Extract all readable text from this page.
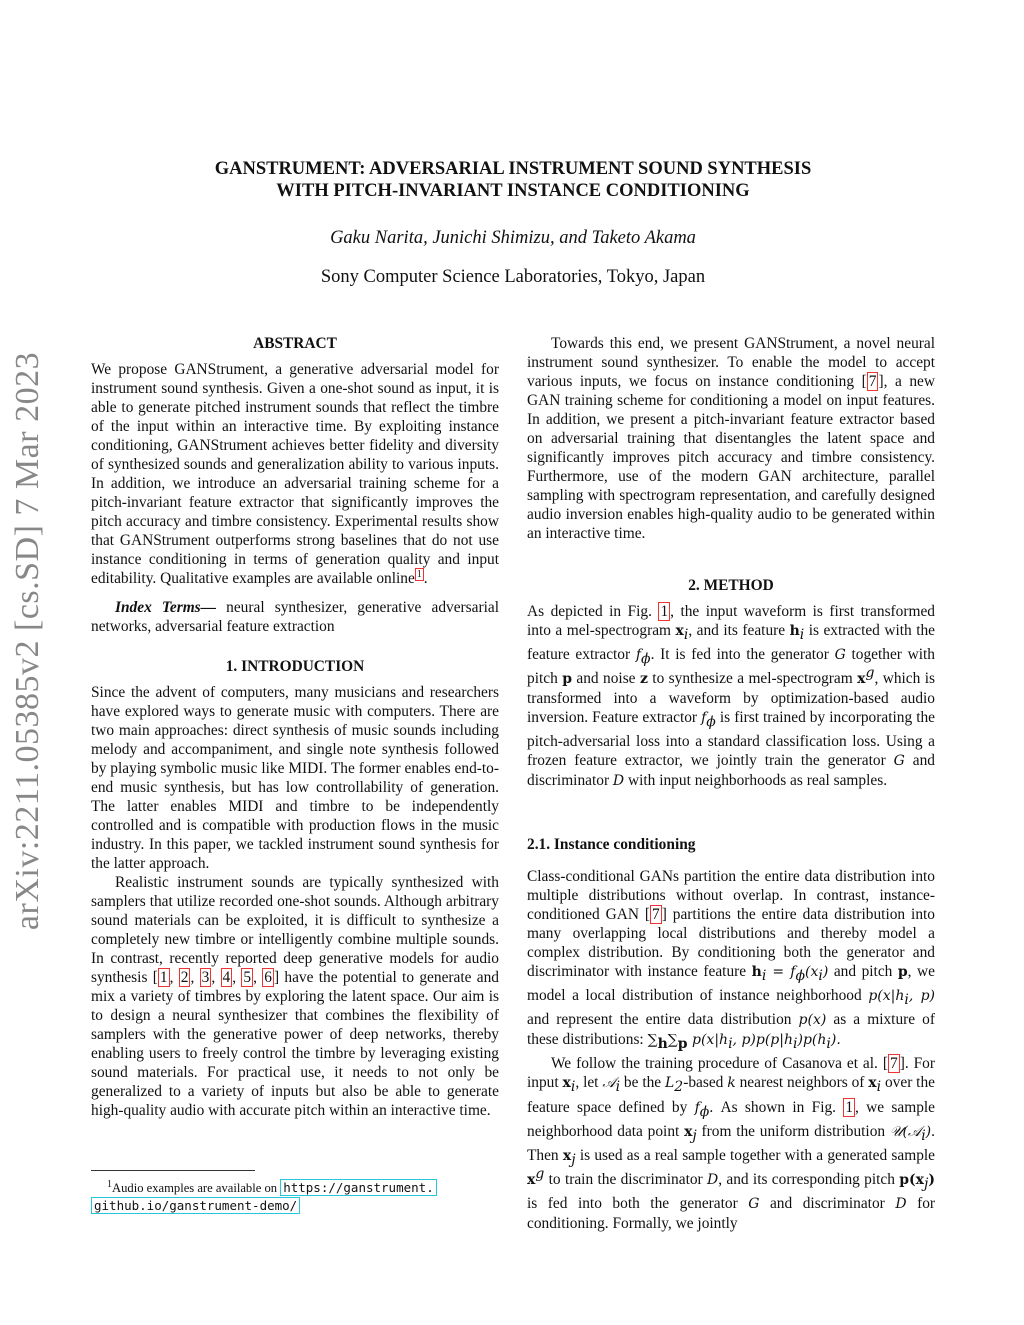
arXiv:2211.05385v2 [cs.SD] 7 Mar 2023
GANSTRUMENT: ADVERSARIAL INSTRUMENT SOUND SYNTHESIS
WITH PITCH-INVARIANT INSTANCE CONDITIONING
Gaku Narita, Junichi Shimizu, and Taketo Akama
Sony Computer Science Laboratories, Tokyo, Japan
ABSTRACT

We propose GANStrument, a generative adversarial model for instrument sound synthesis. Given a one-shot sound as input, it is able to generate pitched instrument sounds that reflect the timbre of the input within an interactive time. By exploiting instance conditioning, GANStrument achieves better fidelity and diversity of synthesized sounds and generalization ability to various inputs. In addition, we introduce an adversarial training scheme for a pitch-invariant feature extractor that significantly improves the pitch accuracy and timbre consistency. Experimental results show that GANStrument outperforms strong baselines that do not use instance conditioning in terms of generation quality and input editability. Qualitative examples are available online $^1$ .

Index Terms— neural synthesizer, generative adversarial networks, adversarial feature extraction

1. INTRODUCTION

Since the advent of computers, many musicians and researchers have explored ways to generate music with computers. There are two main approaches: direct synthesis of music sounds including melody and accompaniment, and single note synthesis followed by playing symbolic music like MIDI. The former enables end-to-end music synthesis, but has low controllability of generation. The latter enables MIDI and timbre to be independently controlled and is compatible with production flows in the music industry. In this paper, we tackled instrument sound synthesis for the latter approach.

Realistic instrument sounds are typically synthesized with samplers that utilize recorded one-shot sounds. Although arbitrary sound materials can be exploited, it is difficult to synthesize a completely new timbre or intelligently combine multiple sounds. In contrast, recently reported deep generative models for audio synthesis [ 1 , 2 , 3 , 4 , 5 , 6 ] have the potential to generate and mix a variety of timbres by exploring the latent space. Our aim is to design a neural synthesizer that combines the flexibility of samplers with the generative power of deep networks, thereby enabling users to freely control the timbre by leveraging existing sound materials. For practical use, it needs to not only be generalized to a variety of inputs but also be able to generate high-quality audio with accurate pitch within an interactive time.

$^1$Audio examples are available on https://ganstrument.
github.io/ganstrument-demo/

Towards this end, we present GANStrument, a novel neural instrument sound synthesizer. To enable the model to accept various inputs, we focus on instance conditioning [ 7 ], a new GAN training scheme for conditioning a model on input features. In addition, we present a pitch-invariant feature extractor based on adversarial training that disentangles the latent space and significantly improves pitch accuracy and timbre consistency. Furthermore, use of the modern GAN architecture, parallel sampling with spectrogram representation, and carefully designed audio inversion enables high-quality audio to be generated within an interactive time.

2. METHOD

As depicted in Fig. 1 , the input waveform is first transformed into a mel-spectrogram $x_i$, and its feature $h_i$ is extracted with the feature extractor $f_\phi$. It is fed into the generator G together with pitch p and noise z to synthesize a mel-spectrogram $x^g$, which is transformed into a waveform by optimization-based audio inversion. Feature extractor $f_\phi$ is first trained by incorporating the pitch-adversarial loss into a standard classification loss. Using a frozen feature extractor, we jointly train the generator G and discriminator D with input neighborhoods as real samples.

2.1. Instance conditioning

Class-conditional GANs partition the entire data distribution into multiple distributions without overlap. In contrast, instance-conditioned GAN [ 7 ] partitions the entire data distribution into many overlapping local distributions and thereby model a complex distribution. By conditioning both the generator and discriminator with instance feature $h_i = f_\phi(x_i)$ and pitch p, we model a local distribution of instance neighborhood $p(x|h_i$, p) and represent the entire data distribution p(x) as a mixture of these distributions: $\sum_h\sum_p$ $p(x|h_i$, $p)p(p|h_i)p(h_i)$.

We follow the training procedure of Casanova et al. [ 7 ]. For input $x_i$, let 𝒜$_i$ be the $L_2$-based k nearest neighbors of $x_i$ over the feature space defined by $f_\phi$. As shown in Fig. 1 , we sample neighborhood data point $x_j$ from the uniform distribution 𝒰(𝒜$_i$). Then $x_j$ is used as a real sample together with a generated sample $x^g$ to train the discriminator D, and its corresponding pitch $p(x_j)$ is fed into both the generator G and discriminator D for conditioning. Formally, we jointly
